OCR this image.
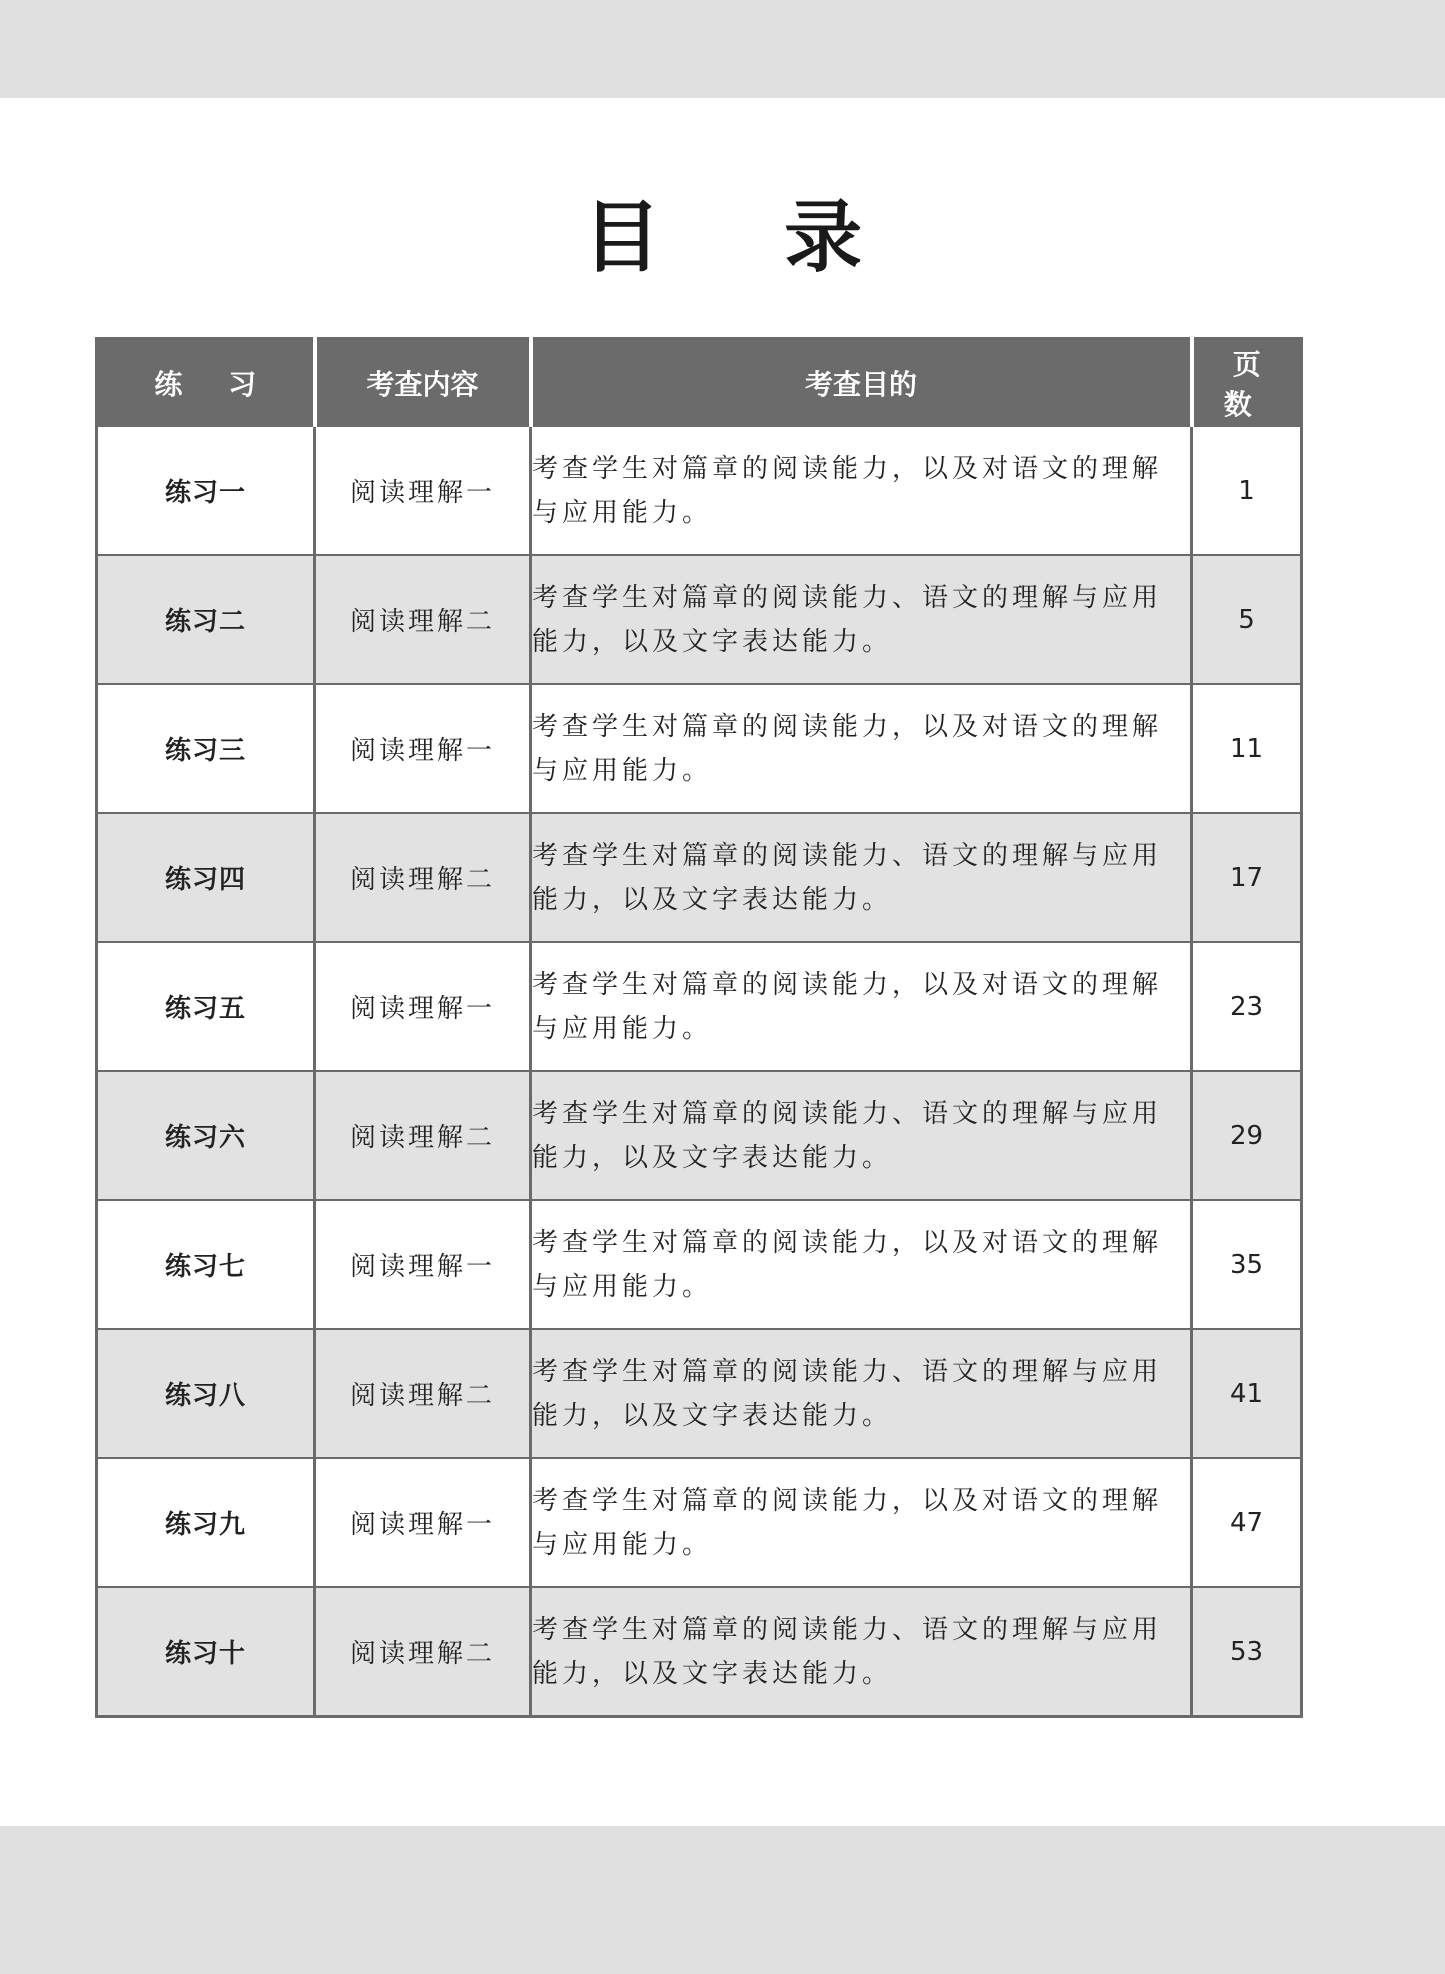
目 录
练 习	考查内容	考查目的	页 数
练习一	阅读理解一	考查学生对篇章的阅读能力，以及对语文的理解与应用能力。	1
练习二	阅读理解二	考查学生对篇章的阅读能力、语文的理解与应用能力，以及文字表达能力。	5
练习三	阅读理解一	考查学生对篇章的阅读能力，以及对语文的理解与应用能力。	11
练习四	阅读理解二	考查学生对篇章的阅读能力、语文的理解与应用能力，以及文字表达能力。	17
练习五	阅读理解一	考查学生对篇章的阅读能力，以及对语文的理解与应用能力。	23
练习六	阅读理解二	考查学生对篇章的阅读能力、语文的理解与应用能力，以及文字表达能力。	29
练习七	阅读理解一	考查学生对篇章的阅读能力，以及对语文的理解与应用能力。	35
练习八	阅读理解二	考查学生对篇章的阅读能力、语文的理解与应用能力，以及文字表达能力。	41
练习九	阅读理解一	考查学生对篇章的阅读能力，以及对语文的理解与应用能力。	47
练习十	阅读理解二	考查学生对篇章的阅读能力、语文的理解与应用能力，以及文字表达能力。	53
